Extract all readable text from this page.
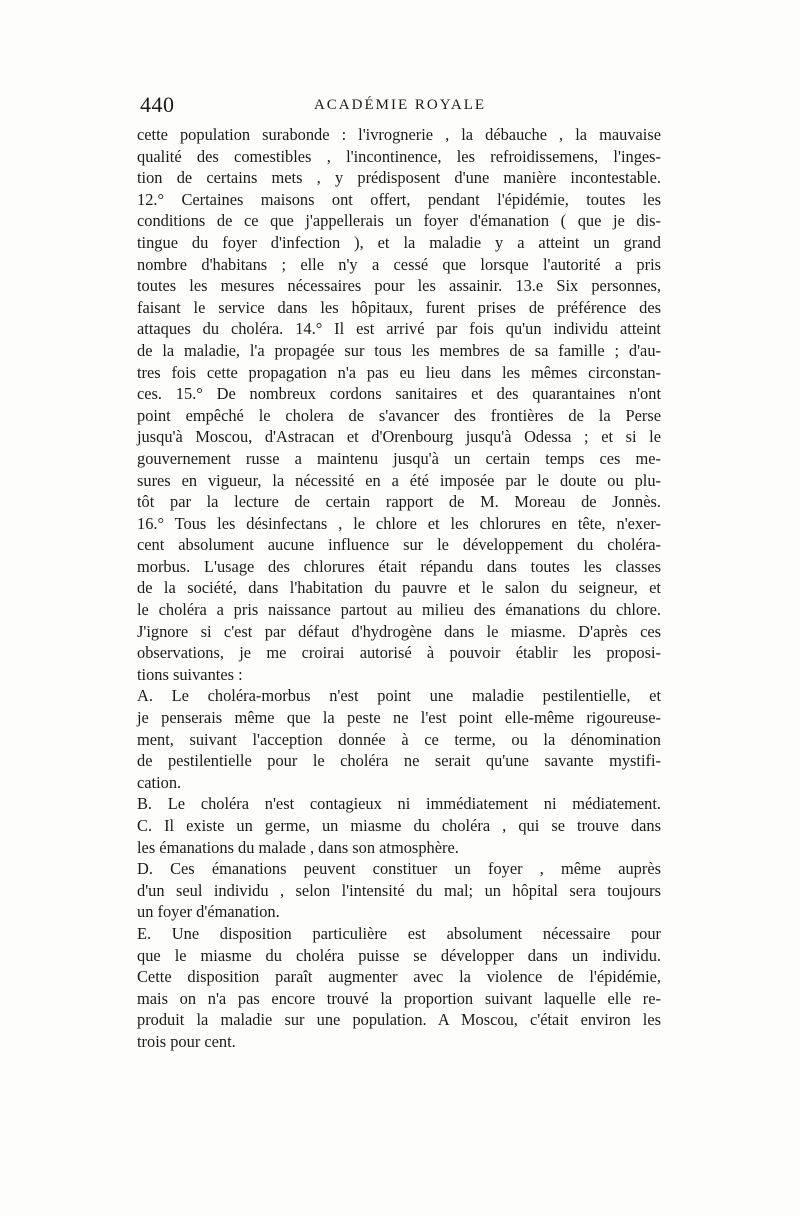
440	ACADÉMIE ROYALE
cette population surabonde : l'ivrognerie , la débauche , la mauvaise
qualité des comestibles , l'incontinence, les refroidissemens, l'inges-
tion de certains mets , y prédisposent d'une manière incontestable.
12.° Certaines maisons ont offert, pendant l'épidémie, toutes les
conditions de ce que j'appellerais un foyer d'émanation ( que je dis-
tingue du foyer d'infection ), et la maladie y a atteint un grand
nombre d'habitans ; elle n'y a cessé que lorsque l'autorité a pris
toutes les mesures nécessaires pour les assainir. 13.e Six personnes,
faisant le service dans les hôpitaux, furent prises de préférence des
attaques du choléra. 14.° Il est arrivé par fois qu'un individu atteint
de la maladie, l'a propagée sur tous les membres de sa famille ; d'au-
tres fois cette propagation n'a pas eu lieu dans les mêmes circonstan-
ces. 15.° De nombreux cordons sanitaires et des quarantaines n'ont
point empêché le cholera de s'avancer des frontières de la Perse
jusqu'à Moscou, d'Astracan et d'Orenbourg jusqu'à Odessa ; et si le
gouvernement russe a maintenu jusqu'à un certain temps ces me-
sures en vigueur, la nécessité en a été imposée par le doute ou plu-
tôt par la lecture de certain rapport de M. Moreau de Jonnès.
16.° Tous les désinfectans , le chlore et les chlorures en tête, n'exer-
cent absolument aucune influence sur le développement du choléra-
morbus. L'usage des chlorures était répandu dans toutes les classes
de la société, dans l'habitation du pauvre et le salon du seigneur, et
le choléra a pris naissance partout au milieu des émanations du chlore.
J'ignore si c'est par défaut d'hydrogène dans le miasme. D'après ces
observations, je me croirai autorisé à pouvoir établir les proposi-
tions suivantes :
A. Le choléra-morbus n'est point une maladie pestilentielle, et
je penserais même que la peste ne l'est point elle-même rigoureuse-
ment, suivant l'acception donnée à ce terme, ou la dénomination
de pestilentielle pour le choléra ne serait qu'une savante mystifi-
cation.
B. Le choléra n'est contagieux ni immédiatement ni médiatement.
C. Il existe un germe, un miasme du choléra , qui se trouve dans
les émanations du malade , dans son atmosphère.
D. Ces émanations peuvent constituer un foyer , même auprès
d'un seul individu , selon l'intensité du mal; un hôpital sera toujours
un foyer d'émanation.
E. Une disposition particulière est absolument nécessaire pour
que le miasme du choléra puisse se développer dans un individu.
Cette disposition paraît augmenter avec la violence de l'épidémie,
mais on n'a pas encore trouvé la proportion suivant laquelle elle re-
produit la maladie sur une population. A Moscou, c'était environ les
trois pour cent.
